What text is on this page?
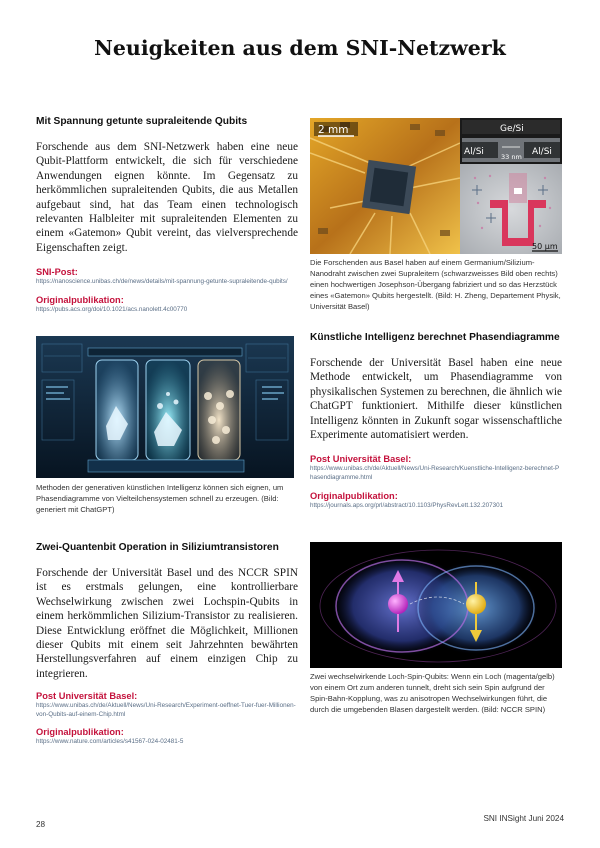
Neuigkeiten aus dem SNI-Netzwerk
Mit Spannung getunte supraleitende Qubits
Forschende aus dem SNI-Netzwerk haben eine neue Qubit-Plattform entwickelt, die sich für verschiedene Anwendungen eignen könnte. Im Gegensatz zu herkömmlichen supraleitenden Qubits, die aus Metallen aufgebaut sind, hat das Team einen technologisch relevanten Halbleiter mit supraleitenden Elementen zu einem «Gatemon» Qubit vereint, das vielversprechende Eigenschaften zeigt.
SNI-Post:
https://nanoscience.unibas.ch/de/news/details/mit-spannung-getunte-supraleitende-qubits/
Originalpublikation:
https://pubs.acs.org/doi/10.1021/acs.nanolett.4c00770
2 mm	Ge/Si
Al/Si	Al/Si
33 nm
50 µm
Die Forschenden aus Basel haben auf einem Germanium/Silizium-Nanodraht zwischen zwei Supraleitern (schwarzweisses Bild oben rechts) einen hochwertigen Josephson-Übergang fabriziert und so das Herzstück eines «Gatemon» Qubits hergestellt. (Bild: H. Zheng, Departement Physik, Universität Basel)
Methoden der generativen künstlichen Intelligenz können sich eignen, um Phasendiagramme von Vielteilchensystemen schnell zu erzeugen. (Bild: generiert mit ChatGPT)
Künstliche Intelligenz berechnet Phasendiagramme
Forschende der Universität Basel haben eine neue Methode entwickelt, um Phasendiagramme von physikalischen Systemen zu berechnen, die ähnlich wie ChatGPT funktioniert. Mithilfe dieser künstlichen Intelligenz könnten in Zukunft sogar wissenschaftliche Experimente automatisiert werden.
Post Universität Basel:
https://www.unibas.ch/de/Aktuell/News/Uni-Research/Kuenstliche-Intelligenz-berechnet-Phasendiagramme.html
Originalpublikation:
https://journals.aps.org/prl/abstract/10.1103/PhysRevLett.132.207301
Zwei-Quantenbit Operation in Siliziumtransistoren
Forschende der Universität Basel und des NCCR SPIN ist es erstmals gelungen, eine kontrollierbare Wechselwirkung zwischen zwei Lochspin-Qubits in einem herkömmlichen Silizium-Transistor zu realisieren. Diese Entwicklung eröffnet die Möglichkeit, Millionen dieser Qubits mit einem seit Jahrzehnten bewährten Herstellungsverfahren auf einem einzigen Chip zu integrieren.
Post Universität Basel:
https://www.unibas.ch/de/Aktuell/News/Uni-Research/Experiment-oeffnet-Tuer-fuer-Millionen-von-Qubits-auf-einem-Chip.html
Originalpublikation:
https://www.nature.com/articles/s41567-024-02481-5
Zwei wechselwirkende Loch-Spin-Qubits: Wenn ein Loch (magenta/gelb) von einem Ort zum anderen tunnelt, dreht sich sein Spin aufgrund der Spin-Bahn-Kopplung, was zu anisotropen Wechselwirkungen führt, die durch die umgebenden Blasen dargestellt werden. (Bild: NCCR SPIN)
28
SNI INSight Juni 2024
